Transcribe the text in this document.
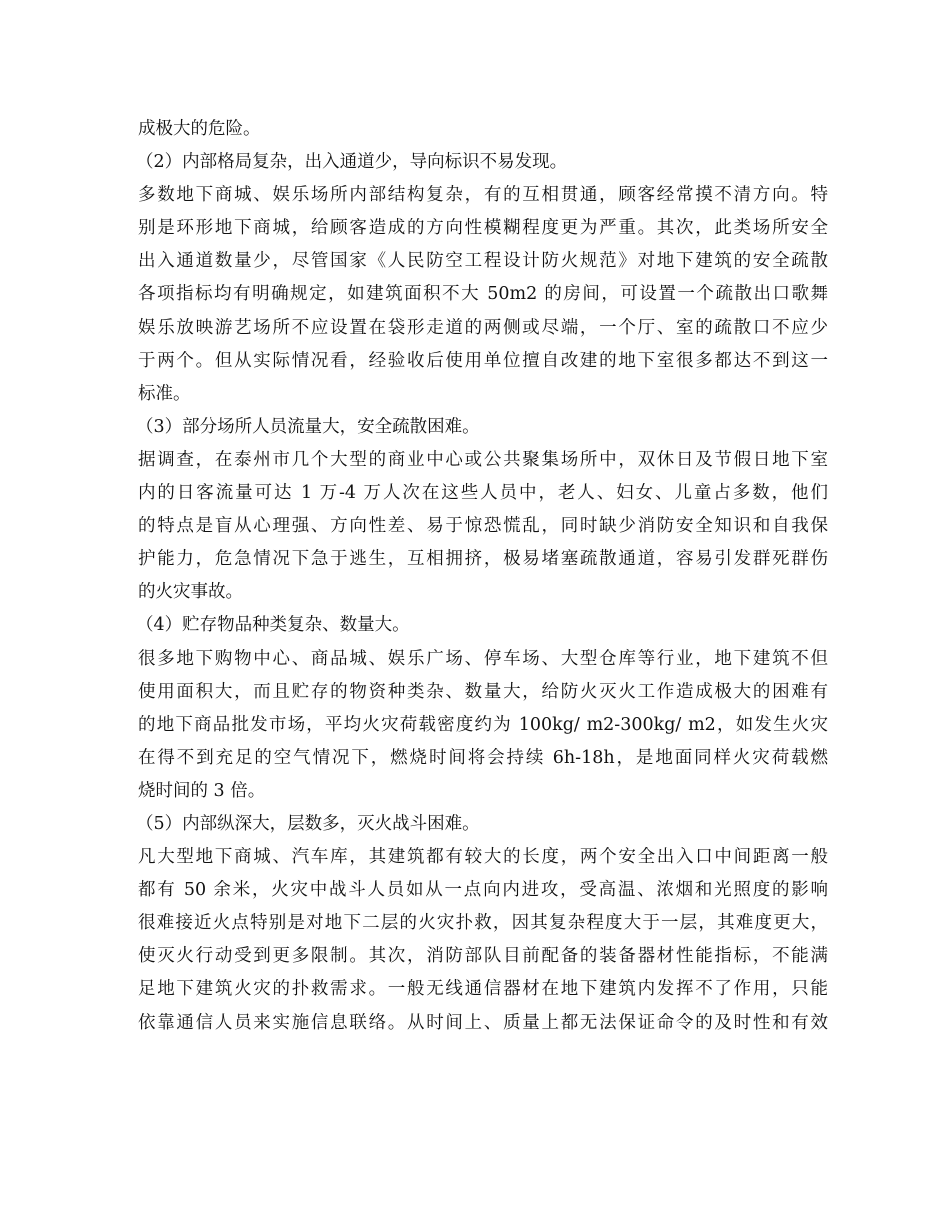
成极大的危险。
（2）内部格局复杂，出入通道少，导向标识不易发现。
多数地下商城、娱乐场所内部结构复杂，有的互相贯通，顾客经常摸不清方向。特
别是环形地下商城，给顾客造成的方向性模糊程度更为严重。其次，此类场所安全
出入通道数量少，尽管国家《人民防空工程设计防火规范》对地下建筑的安全疏散
各项指标均有明确规定，如建筑面积不大 50m2 的房间，可设置一个疏散出口歌舞
娱乐放映游艺场所不应设置在袋形走道的两侧或尽端，一个厅、室的疏散口不应少
于两个。但从实际情况看，经验收后使用单位擅自改建的地下室很多都达不到这一
标准。
（3）部分场所人员流量大，安全疏散困难。
据调查，在泰州市几个大型的商业中心或公共聚集场所中，双休日及节假日地下室
内的日客流量可达 1 万-4 万人次在这些人员中，老人、妇女、儿童占多数，他们
的特点是盲从心理强、方向性差、易于惊恐慌乱，同时缺少消防安全知识和自我保
护能力，危急情况下急于逃生，互相拥挤，极易堵塞疏散通道，容易引发群死群伤
的火灾事故。
（4）贮存物品种类复杂、数量大。
很多地下购物中心、商品城、娱乐广场、停车场、大型仓库等行业，地下建筑不但
使用面积大，而且贮存的物资种类杂、数量大，给防火灭火工作造成极大的困难有
的地下商品批发市场，平均火灾荷载密度约为 100kg/ m2-300kg/ m2，如发生火灾
在得不到充足的空气情况下，燃烧时间将会持续 6h-18h，是地面同样火灾荷载燃
烧时间的 3 倍。
（5）内部纵深大，层数多，灭火战斗困难。
凡大型地下商城、汽车库，其建筑都有较大的长度，两个安全出入口中间距离一般
都有 50 余米，火灾中战斗人员如从一点向内进攻，受高温、浓烟和光照度的影响
很难接近火点特别是对地下二层的火灾扑救，因其复杂程度大于一层，其难度更大，
使灭火行动受到更多限制。其次，消防部队目前配备的装备器材性能指标，不能满
足地下建筑火灾的扑救需求。一般无线通信器材在地下建筑内发挥不了作用，只能
依靠通信人员来实施信息联络。从时间上、质量上都无法保证命令的及时性和有效
